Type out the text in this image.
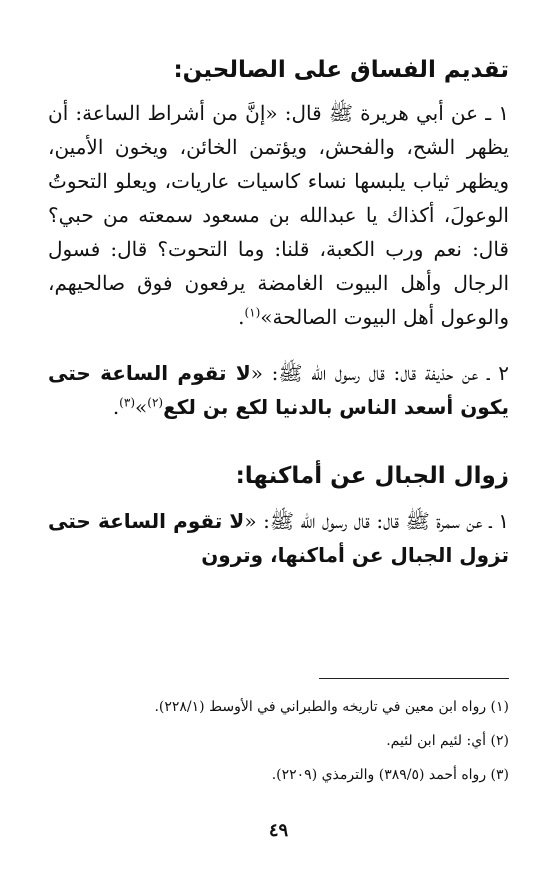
تقديم الفساق على الصالحين:

١ ـ عن أبي هريرة ﷺ قال: «إنَّ من أشراط الساعة: أن يظهر الشح، والفحش، ويؤتمن الخائن، ويخون الأمين، ويظهر ثياب يلبسها نساء كاسيات عاريات، ويعلو التحوتُ الوعولَ، أكذاك يا عبدالله بن مسعود سمعته من حبي؟ قال: نعم ورب الكعبة، قلنا: وما التحوت؟ قال: فسول الرجال وأهل البيوت الغامضة يرفعون فوق صالحيهم، والوعول أهل البيوت الصالحة»$^{(١)}$.

٢ ـ عن حذيفة قال: قال رسول الله ﷺ: «لا تقوم الساعة حتى يكون أسعد الناس بالدنيا لكع بن لكع$^{(٢)}$»$^{(٣)}$.

زوال الجبال عن أماكنها:

١ ـ عن سمرة ﷺ قال: قال رسول الله ﷺ: «لا تقوم الساعة حتى تزول الجبال عن أماكنها، وترون

(١) رواه ابن معين في تاريخه والطبراني في الأوسط (٢٢٨/١).
(٢) أي: لئيم ابن لئيم.
(٣) رواه أحمد (٣٨٩/٥) والترمذي (٢٢٠٩).
٤٩
